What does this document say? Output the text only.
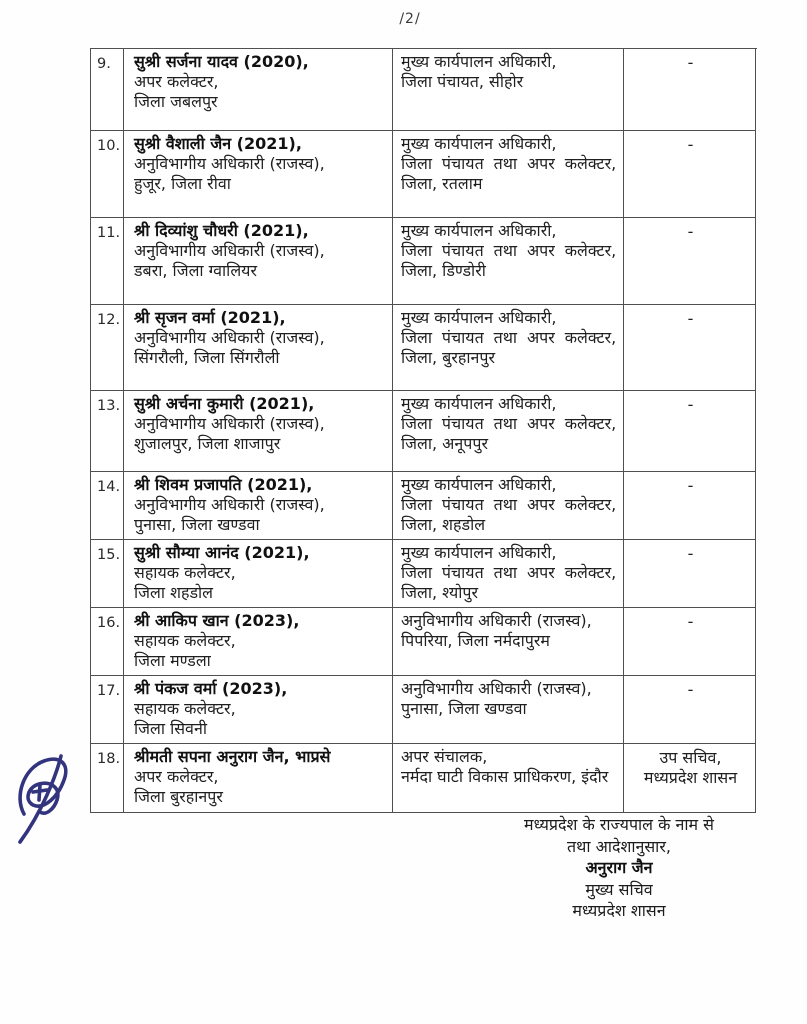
/2/
9.	सुश्री सर्जना यादव (2020),
अपर कलेक्टर,
जिला जबलपुर
मुख्य कार्यपालन अधिकारी,
जिला पंचायत, सीहोर
-
10. सुश्री वैशाली जैन (2021),
अनुविभागीय अधिकारी (राजस्व),
हुजूर, जिला रीवा
मुख्य कार्यपालन अधिकारी,
जिला पंचायत तथा अपर कलेक्टर,
जिला, रतलाम
-
11. श्री दिव्यांशु चौधरी (2021),
अनुविभागीय अधिकारी (राजस्व),
डबरा, जिला ग्वालियर
मुख्य कार्यपालन अधिकारी,
जिला पंचायत तथा अपर कलेक्टर,
जिला, डिण्डोरी
-
12. श्री सृजन वर्मा (2021),
अनुविभागीय अधिकारी (राजस्व),
सिंगरौली, जिला सिंगरौली
मुख्य कार्यपालन अधिकारी,
जिला पंचायत तथा अपर कलेक्टर,
जिला, बुरहानपुर
-
13. सुश्री अर्चना कुमारी (2021),
अनुविभागीय अधिकारी (राजस्व),
शुजालपुर, जिला शाजापुर
मुख्य कार्यपालन अधिकारी,
जिला पंचायत तथा अपर कलेक्टर,
जिला, अनूपपुर
-
14. श्री शिवम प्रजापति (2021),
अनुविभागीय अधिकारी (राजस्व),
पुनासा, जिला खण्डवा
मुख्य कार्यपालन अधिकारी,
जिला पंचायत तथा अपर कलेक्टर,
जिला, शहडोल
-
15. सुश्री सौम्या आनंद (2021),
सहायक कलेक्टर,
जिला शहडोल
मुख्य कार्यपालन अधिकारी,
जिला पंचायत तथा अपर कलेक्टर,
जिला, श्योपुर
-
16. श्री आकिप खान (2023),
सहायक कलेक्टर,
जिला मण्डला
अनुविभागीय अधिकारी (राजस्व),
पिपरिया, जिला नर्मदापुरम
-
17. श्री पंकज वर्मा (2023),
सहायक कलेक्टर,
जिला सिवनी
अनुविभागीय अधिकारी (राजस्व),
पुनासा, जिला खण्डवा
-
18. श्रीमती सपना अनुराग जैन, भाप्रसे
अपर कलेक्टर,
जिला बुरहानपुर
अपर संचालक,
नर्मदा घाटी विकास प्राधिकरण, इंदौर
उप सचिव,
मध्यप्रदेश शासन
मध्यप्रदेश के राज्यपाल के नाम से
तथा आदेशानुसार,
अनुराग जैन
मुख्य सचिव
मध्यप्रदेश शासन
